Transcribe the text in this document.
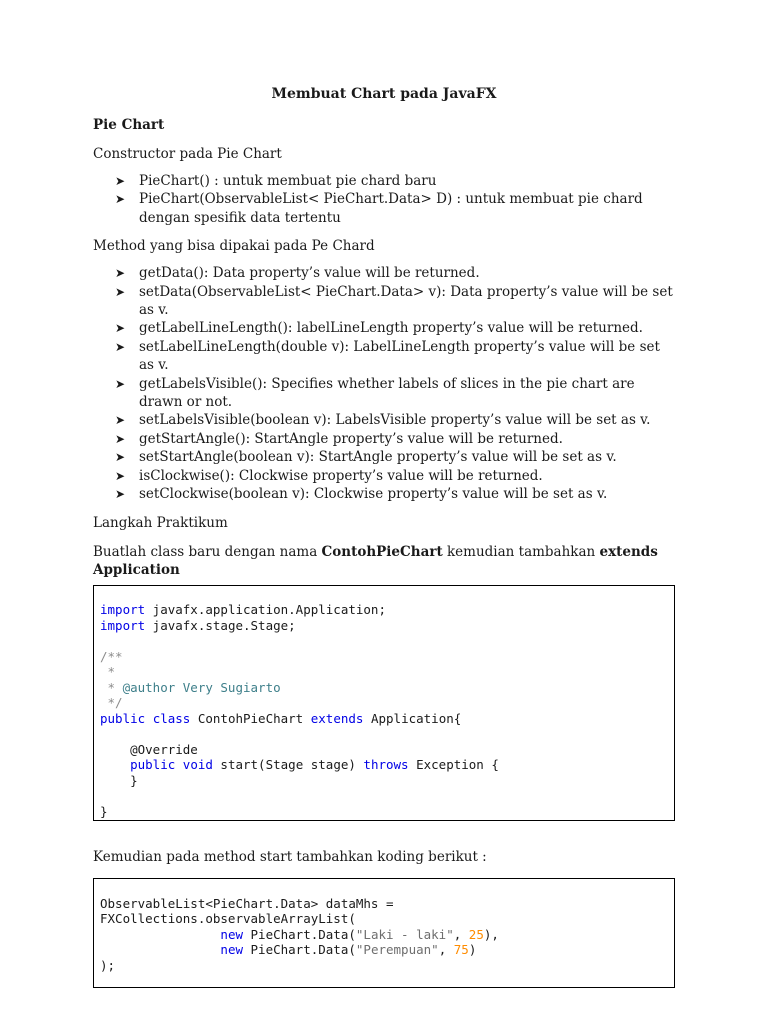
Membuat Chart pada JavaFX
Pie Chart
Constructor pada Pie Chart
➤ PieChart() : untuk membuat pie chard baru
➤ PieChart(ObservableList< PieChart.Data> D) : untuk membuat pie chard dengan spesifik data tertentu
Method yang bisa dipakai pada Pe Chard
➤ getData(): Data property’s value will be returned.
➤ setData(ObservableList< PieChart.Data> v): Data property’s value will be set as v.
➤ getLabelLineLength(): labelLineLength property’s value will be returned.
➤ setLabelLineLength(double v): LabelLineLength property’s value will be set as v.
➤ getLabelsVisible(): Specifies whether labels of slices in the pie chart are drawn or not.
➤ setLabelsVisible(boolean v): LabelsVisible property’s value will be set as v.
➤ getStartAngle(): StartAngle property’s value will be returned.
➤ setStartAngle(boolean v): StartAngle property’s value will be set as v.
➤ isClockwise(): Clockwise property’s value will be returned.
➤ setClockwise(boolean v): Clockwise property’s value will be set as v.
Langkah Praktikum
Buatlah class baru dengan nama ContohPieChart kemudian tambahkan extends Application

import javafx.application.Application;
import javafx.stage.Stage;
/**
*
* @author Very Sugiarto
*/
public class ContohPieChart extends Application{
@Override
public void start(Stage stage) throws Exception {
}
}
Kemudian pada method start tambahkan koding berikut :

ObservableList<PieChart.Data> dataMhs =
FXCollections.observableArrayList(
new PieChart.Data("Laki - laki", 25),
new PieChart.Data("Perempuan", 75)
);
